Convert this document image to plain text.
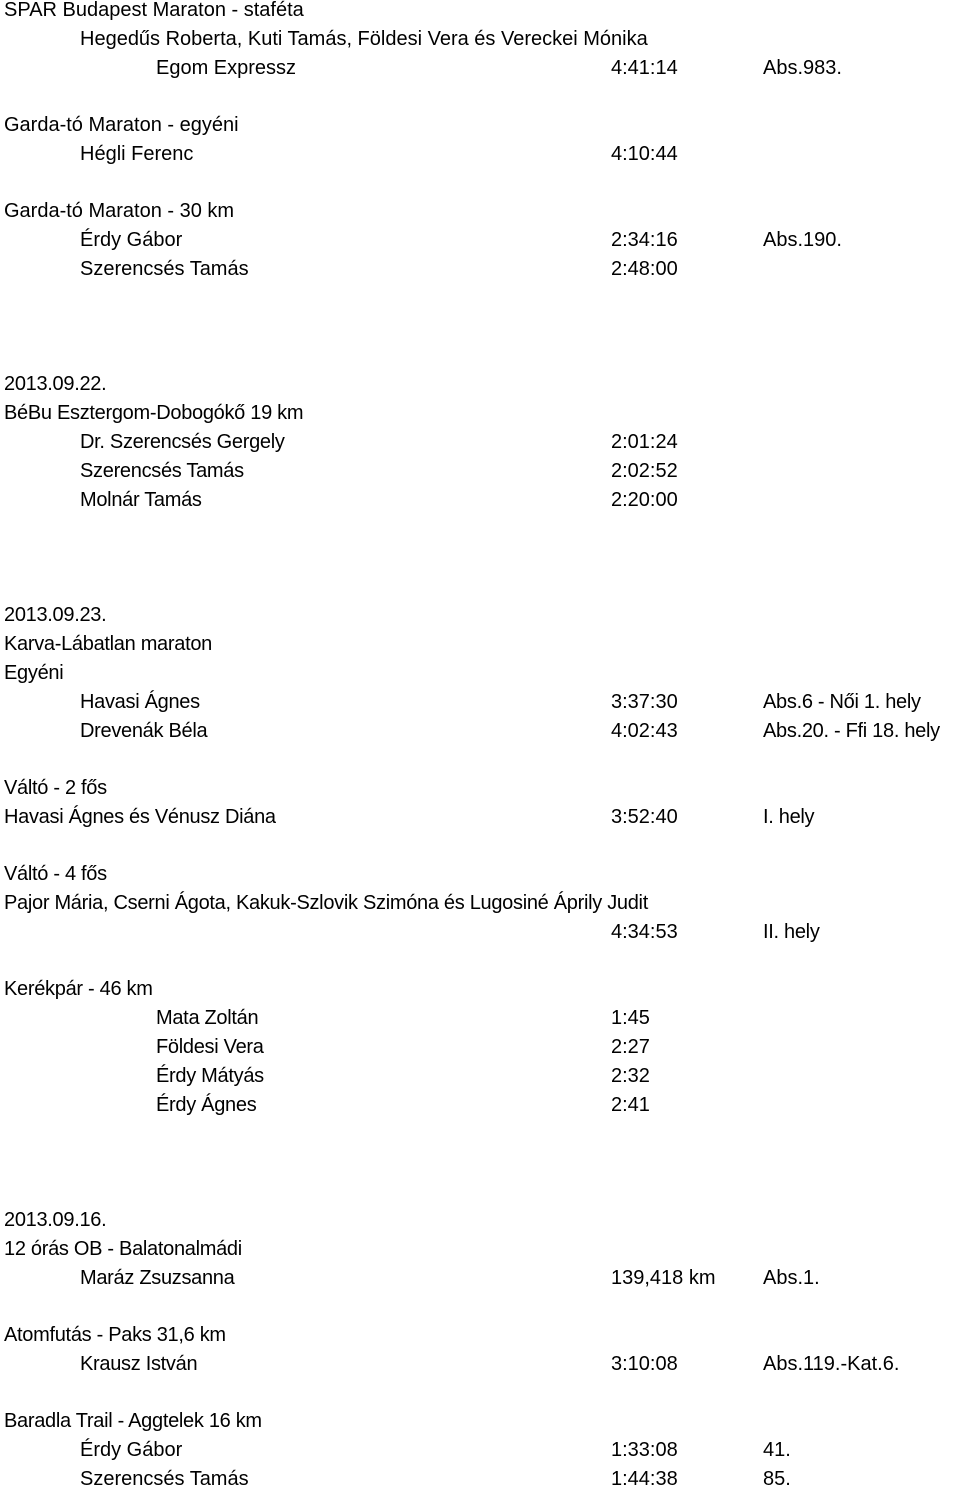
SPAR Budapest Maraton - staféta
Hegedűs Roberta, Kuti Tamás, Földesi Vera és Vereckei Mónika
Egom Expressz	4:41:14	Abs.983.
Garda-tó Maraton - egyéni
Hégli Ferenc	4:10:44
Garda-tó Maraton - 30 km
Érdy Gábor	2:34:16	Abs.190.
Szerencsés Tamás	2:48:00
2013.09.22.
BéBu Esztergom-Dobogókő 19 km
Dr. Szerencsés Gergely	2:01:24
Szerencsés Tamás	2:02:52
Molnár Tamás	2:20:00
2013.09.23.
Karva-Lábatlan maraton
Egyéni
Havasi Ágnes	3:37:30	Abs.6 - Női 1. hely
Drevenák Béla	4:02:43	Abs.20. - Ffi 18. hely
Váltó - 2 fős
Havasi Ágnes és Vénusz Diána	3:52:40	I. hely
Váltó - 4 fős
Pajor Mária, Cserni Ágota, Kakuk-Szlovik Szimóna és Lugosiné Áprily Judit
4:34:53	II. hely
Kerékpár - 46 km
Mata Zoltán	1:45
Földesi Vera	2:27
Érdy Mátyás	2:32
Érdy Ágnes	2:41
2013.09.16.
12 órás OB - Balatonalmádi
Maráz Zsuzsanna	139,418 km Abs.1.
Atomfutás - Paks 31,6 km
Krausz István	3:10:08	Abs.119.-Kat.6.
Baradla Trail - Aggtelek 16 km
Érdy Gábor	1:33:08	41.
Szerencsés Tamás	1:44:38	85.
